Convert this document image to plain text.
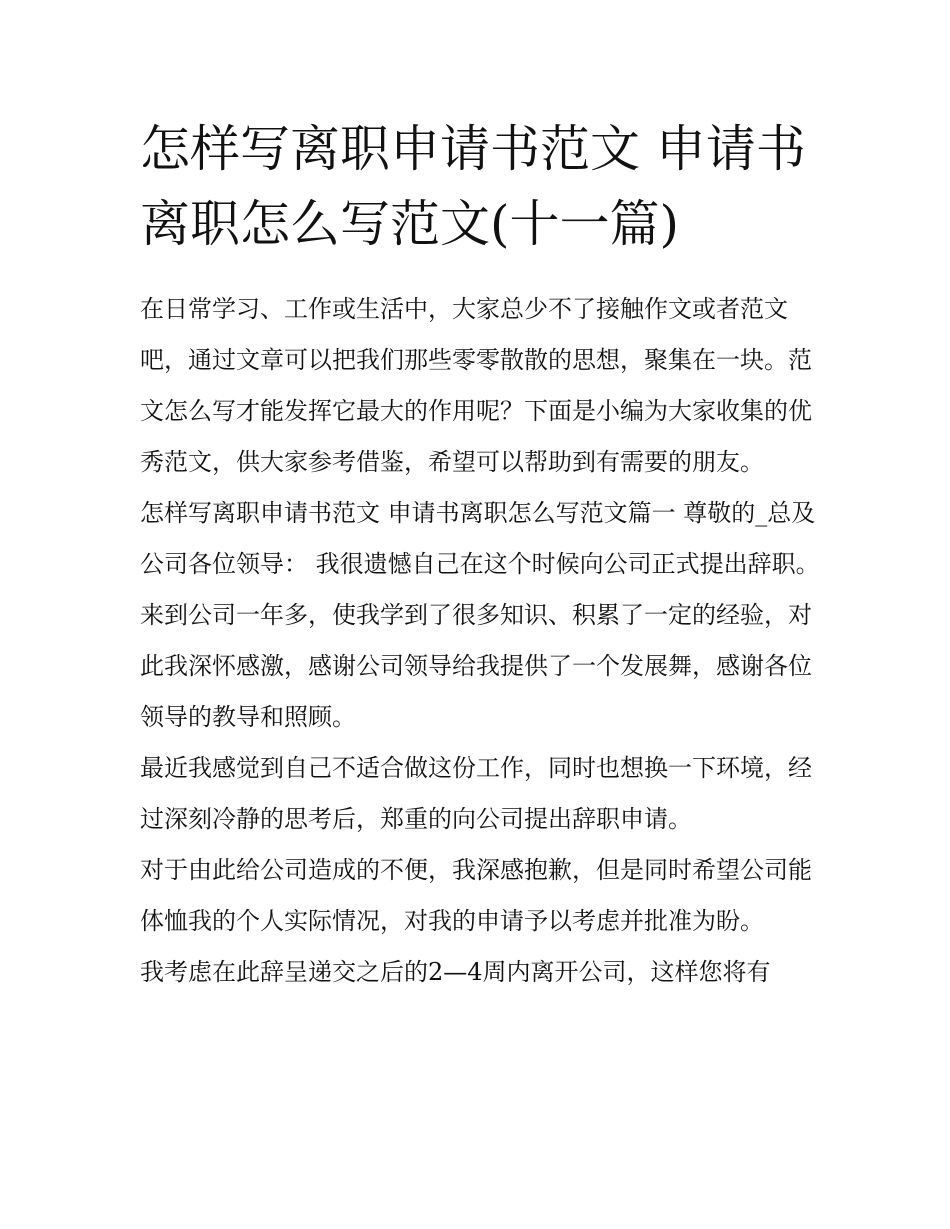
怎样写离职申请书范文 申请书离职怎么写范文(十一篇)

在日常学习、工作或生活中，大家总少不了接触作文或者范文吧，通过文章可以把我们那些零零散散的思想，聚集在一块。范文怎么写才能发挥它最大的作用呢？下面是小编为大家收集的优秀范文，供大家参考借鉴，希望可以帮助到有需要的朋友。

怎样写离职申请书范文 申请书离职怎么写范文篇一 尊敬的_总及公司各位领导： 我很遗憾自己在这个时候向公司正式提出辞职。

来到公司一年多，使我学到了很多知识、积累了一定的经验，对此我深怀感激，感谢公司领导给我提供了一个发展舞，感谢各位领导的教导和照顾。

最近我感觉到自己不适合做这份工作，同时也想换一下环境，经过深刻冷静的思考后，郑重的向公司提出辞职申请。

对于由此给公司造成的不便，我深感抱歉，但是同时希望公司能体恤我的个人实际情况，对我的申请予以考虑并批准为盼。

我考虑在此辞呈递交之后的2—4周内离开公司，这样您将有
